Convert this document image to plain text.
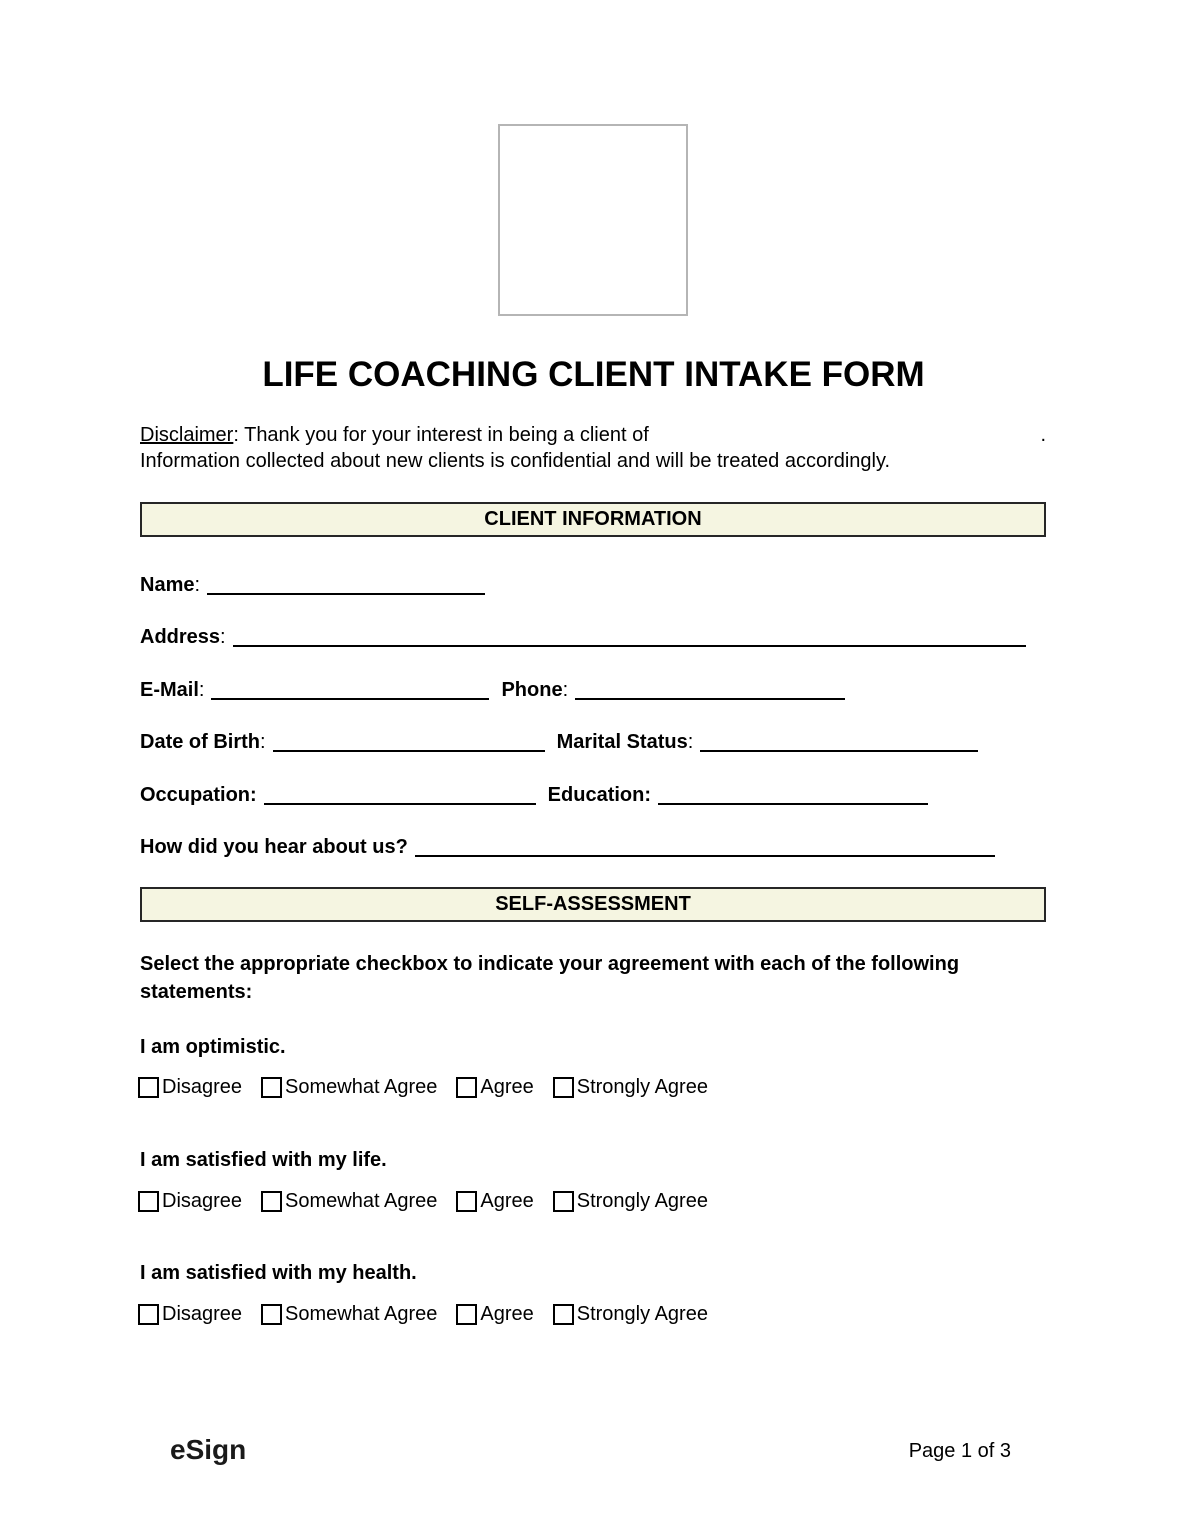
LIFE COACHING CLIENT INTAKE FORM
Disclaimer: Thank you for your interest in being a client of	.
Information collected about new clients is confidential and will be treated accordingly.
CLIENT INFORMATION
Name:
Address:
E-Mail:	Phone:
Date of Birth:	Marital Status:
Occupation:	Education:
How did you hear about us?
SELF-ASSESSMENT
Select the appropriate checkbox to indicate your agreement with each of the following statements:
I am optimistic.
Disagree Somewhat Agree Agree Strongly Agree
I am satisfied with my life.
Disagree Somewhat Agree Agree Strongly Agree
I am satisfied with my health.
Disagree Somewhat Agree Agree Strongly Agree
eSign	Page 1 of 3
